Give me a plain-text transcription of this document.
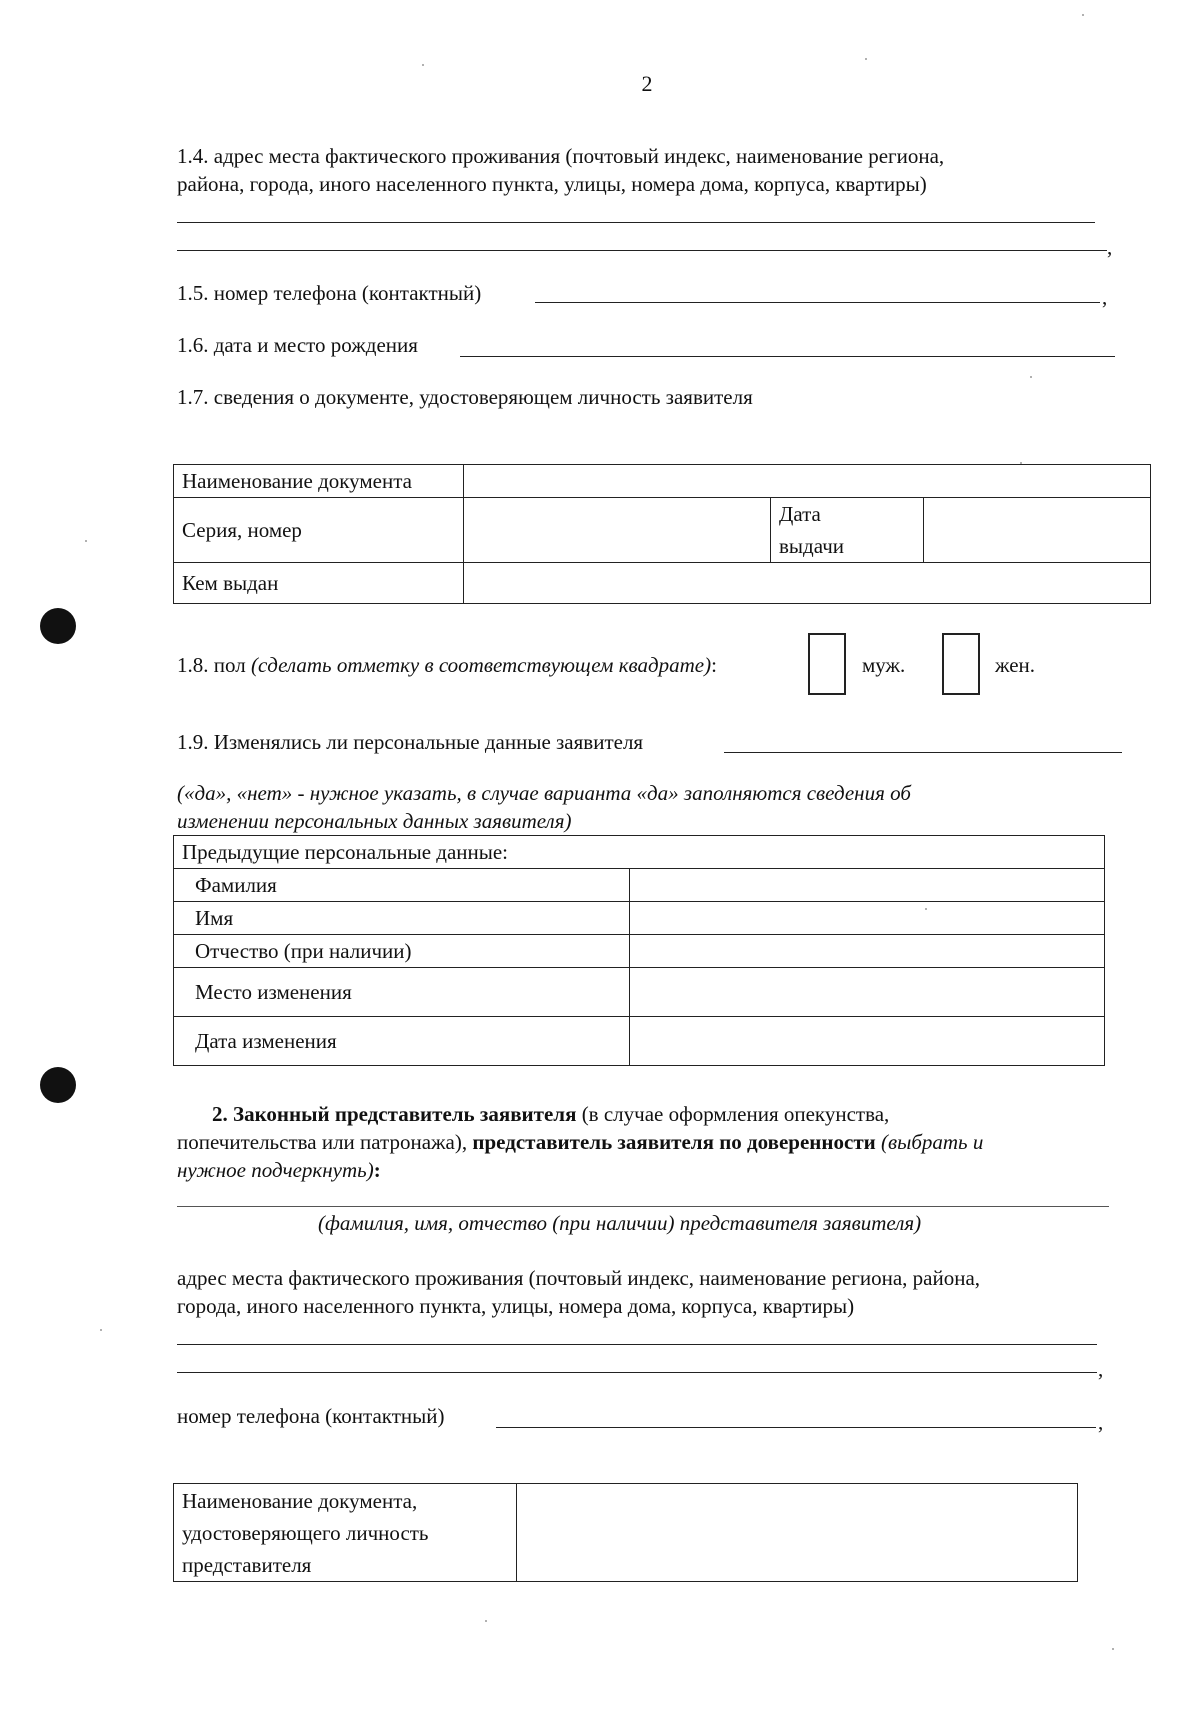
2
1.4. адрес места фактического проживания (почтовый индекс, наименование региона,
района, города, иного населенного пункта, улицы, номера дома, корпуса, квартиры)
,
1.5. номер телефона (контактный)	,
1.6. дата и место рождения
1.7. сведения о документе, удостоверяющем личность заявителя
Наименование документа			
Серия, номер		Дата
выдачи	

Кем выдан			
1.8. пол (сделать отметку в соответствующем квадрате):	муж.	жен.
1.9. Изменялись ли персональные данные заявителя
(«да», «нет» - нужное указать, в случае варианта «да» заполняются сведения об
изменении персональных данных заявителя)
Предыдущие персональные данные:	
Фамилия	
Имя	
Отчество (при наличии)	
Место изменения	
Дата изменения	
2. Законный представитель заявителя (в случае оформления опекунства,
попечительства или патронажа), представитель заявителя по доверенности (выбрать и
нужное подчеркнуть):
(фамилия, имя, отчество (при наличии) представителя заявителя)
адрес места фактического проживания (почтовый индекс, наименование региона, района,
города, иного населенного пункта, улицы, номера дома, корпуса, квартиры)
,
номер телефона (контактный)	,
Наименование документа,
удостоверяющего личность
представителя
